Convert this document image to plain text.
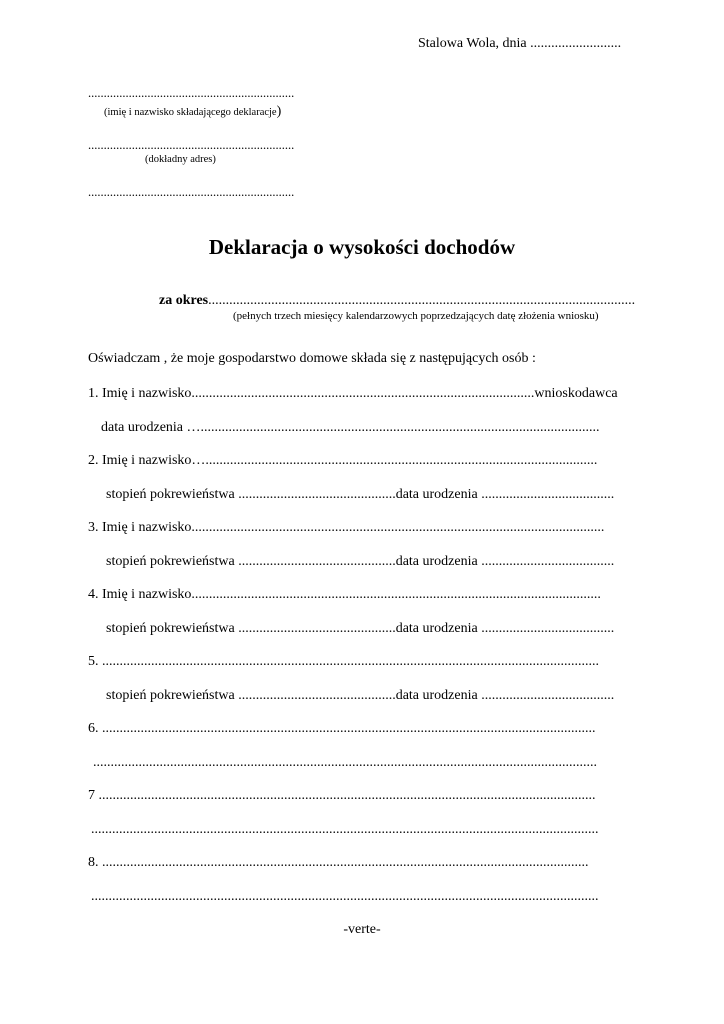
Stalowa Wola, dnia ..........................
..................................................................
(imię i nazwisko składającego deklaracje)
..................................................................
(dokładny adres)
..................................................................
Deklaracja o wysokości dochodów
za okres..........................................................................................................................
(pełnych trzech miesięcy kalendarzowych poprzedzających datę złożenia wniosku)
Oświadczam , że moje gospodarstwo domowe składa się z następujących osób :
1. Imię i nazwisko..................................................................................................wnioskodawca
data urodzenia …..................................................................................................................
2. Imię i nazwisko…................................................................................................................
stopień pokrewieństwa .............................................data urodzenia ......................................
3. Imię i nazwisko......................................................................................................................
stopień pokrewieństwa .............................................data urodzenia ......................................
4. Imię i nazwisko.....................................................................................................................
stopień pokrewieństwa .............................................data urodzenia ......................................
5. ..............................................................................................................................................
stopień pokrewieństwa .............................................data urodzenia ......................................
6. .............................................................................................................................................
................................................................................................................................................
7 ..............................................................................................................................................
.................................................................................................................................................
8. ...........................................................................................................................................
.................................................................................................................................................
-verte-
